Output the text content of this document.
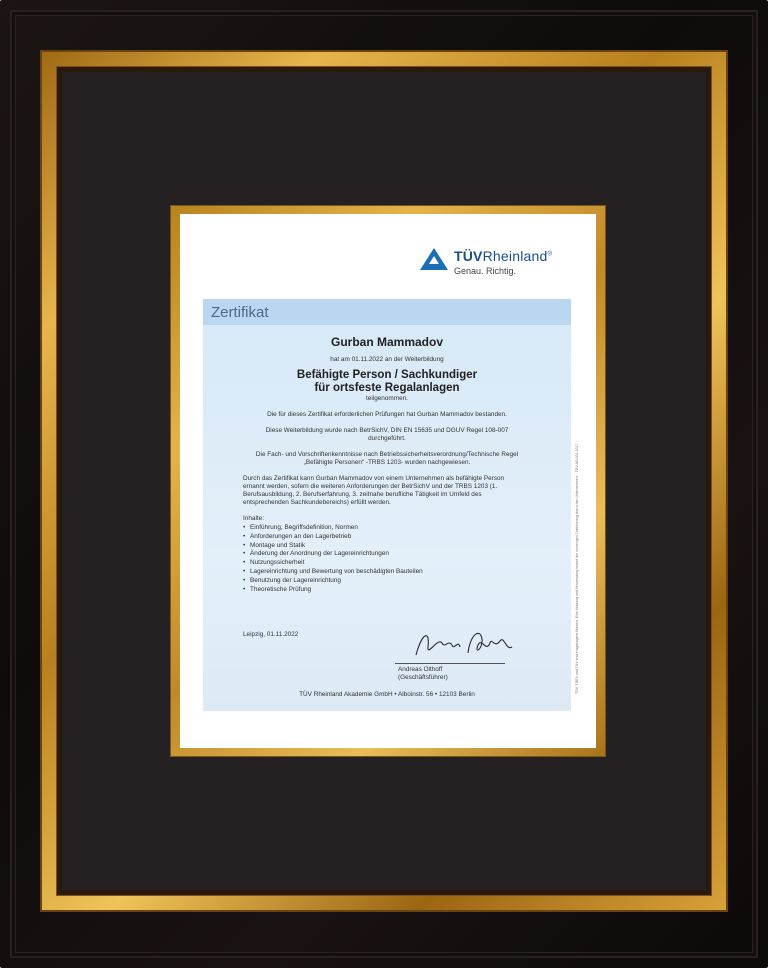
TÜVRheinland®
Genau. Richtig.
Zertifikat
Gurban Mammadov
hat am 01.11.2022 an der Weiterbildung
Befähigte Person / Sachkundiger
für ortsfeste Regalanlagen
teilgenommen.
Die für dieses Zertifikat erforderlichen Prüfungen hat Gurban Mammadov bestanden.
Diese Weiterbildung wurde nach BetrSichV, DIN EN 15635 und DGUV Regel 108-007
durchgeführt.
Die Fach- und Vorschriftenkenntnisse nach Betriebssicherheitsverordnung/Technische Regel
„Befähigte Personen“ -TRBS 1203- wurden nachgewiesen.
Durch das Zertifikat kann Gurban Mammadov von einem Unternehmen als befähigte Person
ernannt werden, sofern die weiteren Anforderungen der BetrSichV und der TRBS 1203 (1.
Berufsausbildung, 2. Berufserfahrung, 3. zeitnahe berufliche Tätigkeit im Umfeld des
entsprechenden Sachkundebereichs) erfüllt werden.
Inhalte:
• Einführung, Begriffsdefinition, Normen
• Anforderungen an den Lagerbetrieb
• Montage und Statik
• Änderung der Anordnung der Lagereinrichtungen
• Nutzungssicherheit
• Lagereinrichtung und Bewertung von beschädigten Bauteilen
• Benutzung der Lagereinrichtung
• Theoretische Prüfung
Leipzig, 01.11.2022
Andreas Olthoff
(Geschäftsführer)
TÜV Rheinland Akademie GmbH • Alboinstr. 56 • 12103 Berlin
TÜV, TÜEV und TUV sind eingetragene Marken. Eine Nutzung und Verwendung bedarf der vorherigen Zustimmung durch den Unternehmen. · TÜV-AD-001-2017
